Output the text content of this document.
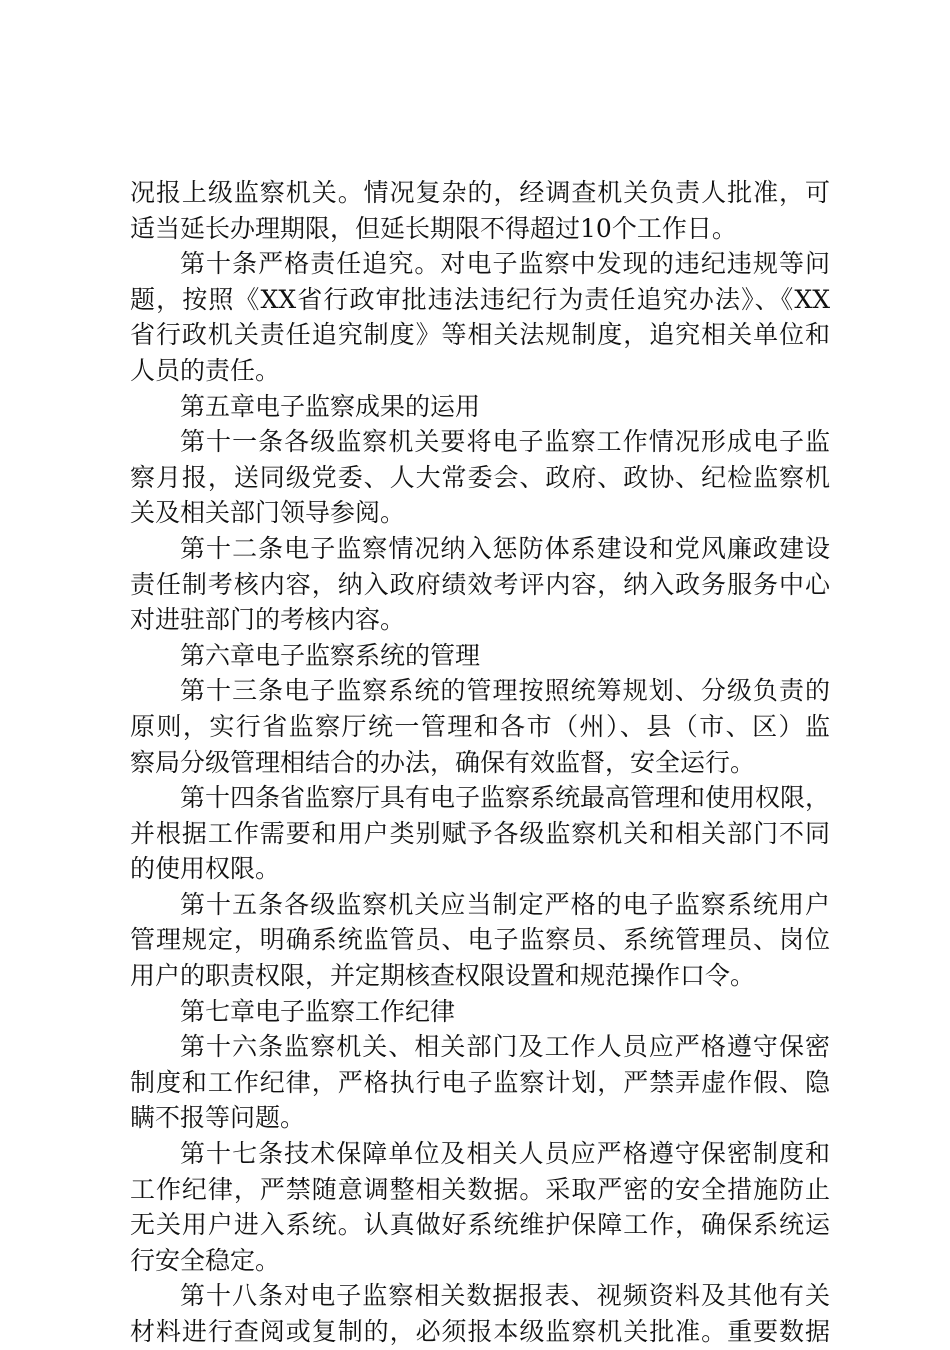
况报上级监察机关。情况复杂的，经调查机关负责人批准，可
适当延长办理期限，但延长期限不得超过10个工作日。
第十条严格责任追究。对电子监察中发现的违纪违规等问
题，按照《XX省行政审批违法违纪行为责任追究办法》、《XX
省行政机关责任追究制度》等相关法规制度，追究相关单位和
人员的责任。
第五章电子监察成果的运用
第十一条各级监察机关要将电子监察工作情况形成电子监
察月报，送同级党委、人大常委会、政府、政协、纪检监察机
关及相关部门领导参阅。
第十二条电子监察情况纳入惩防体系建设和党风廉政建设
责任制考核内容，纳入政府绩效考评内容，纳入政务服务中心
对进驻部门的考核内容。
第六章电子监察系统的管理
第十三条电子监察系统的管理按照统筹规划、分级负责的
原则，实行省监察厅统一管理和各市（州）、县（市、区）监
察局分级管理相结合的办法，确保有效监督，安全运行。
第十四条省监察厅具有电子监察系统最高管理和使用权限，
并根据工作需要和用户类别赋予各级监察机关和相关部门不同
的使用权限。
第十五条各级监察机关应当制定严格的电子监察系统用户
管理规定，明确系统监管员、电子监察员、系统管理员、岗位
用户的职责权限，并定期核查权限设置和规范操作口令。
第七章电子监察工作纪律
第十六条监察机关、相关部门及工作人员应严格遵守保密
制度和工作纪律，严格执行电子监察计划，严禁弄虚作假、隐
瞒不报等问题。
第十七条技术保障单位及相关人员应严格遵守保密制度和
工作纪律，严禁随意调整相关数据。采取严密的安全措施防止
无关用户进入系统。认真做好系统维护保障工作，确保系统运
行安全稳定。
第十八条对电子监察相关数据报表、视频资料及其他有关
材料进行查阅或复制的，必须报本级监察机关批准。重要数据
